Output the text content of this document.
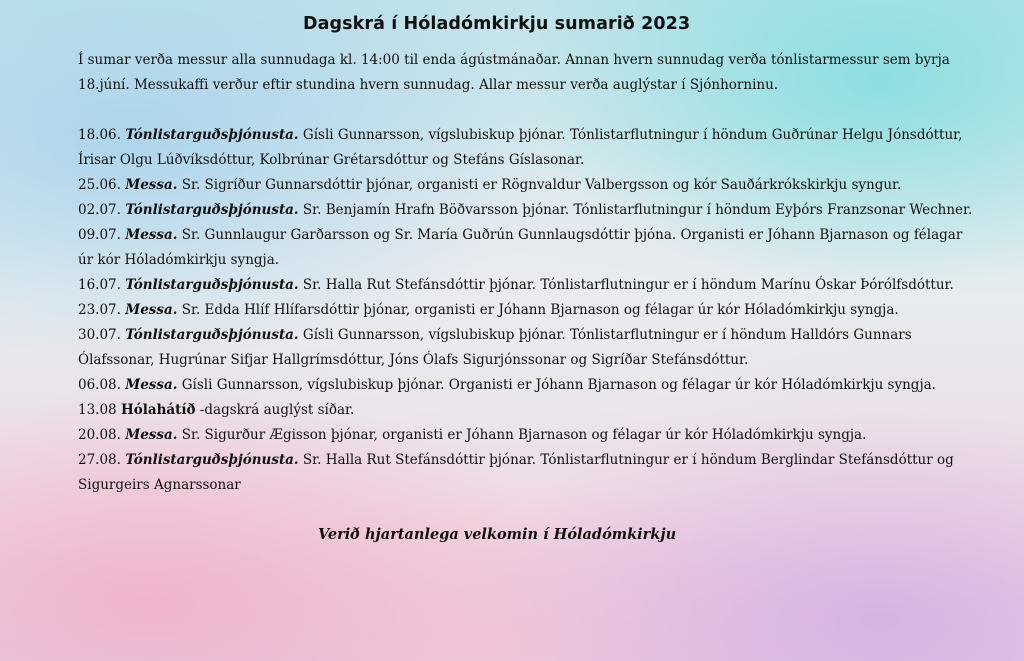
Dagskrá í Hóladómkirkju sumarið 2023
Í sumar verða messur alla sunnudaga kl. 14:00 til enda ágústmánaðar. Annan hvern sunnudag verða tónlistarmessur sem byrja 18.júní. Messukaffi verður eftir stundina hvern sunnudag. Allar messur verða auglýstar í Sjónhorninu.
18.06. Tónlistarguðsþjónusta. Gísli Gunnarsson, vígslubiskup þjónar. Tónlistarflutningur í höndum Guðrúnar Helgu Jónsdóttur, Írisar Olgu Lúðvíksdóttur, Kolbrúnar Grétarsdóttur og Stefáns Gíslasonar.
25.06. Messa. Sr. Sigríður Gunnarsdóttir þjónar, organisti er Rögnvaldur Valbergsson og kór Sauðárkrókskirkju syngur.
02.07. Tónlistarguðsþjónusta. Sr. Benjamín Hrafn Böðvarsson þjónar. Tónlistarflutningur í höndum Eyþórs Franzsonar Wechner.
09.07. Messa. Sr. Gunnlaugur Garðarsson og Sr. María Guðrún Gunnlaugsdóttir þjóna. Organisti er Jóhann Bjarnason og félagar úr kór Hóladómkirkju syngja.
16.07. Tónlistarguðsþjónusta. Sr. Halla Rut Stefánsdóttir þjónar. Tónlistarflutningur er í höndum Marínu Óskar Þórólfsdóttur.
23.07. Messa. Sr. Edda Hlíf Hlífarsdóttir þjónar, organisti er Jóhann Bjarnason og félagar úr kór Hóladómkirkju syngja.
30.07. Tónlistarguðsþjónusta. Gísli Gunnarsson, vígslubiskup þjónar. Tónlistarflutningur er í höndum Halldórs Gunnars Ólafssonar, Hugrúnar Sifjar Hallgrímsdóttur, Jóns Ólafs Sigurjónssonar og Sigríðar Stefánsdóttur.
06.08. Messa. Gísli Gunnarsson, vígslubiskup þjónar. Organisti er Jóhann Bjarnason og félagar úr kór Hóladómkirkju syngja.
13.08 Hólahátíð -dagskrá auglýst síðar.
20.08. Messa. Sr. Sigurður Ægisson þjónar, organisti er Jóhann Bjarnason og félagar úr kór Hóladómkirkju syngja.
27.08. Tónlistarguðsþjónusta. Sr. Halla Rut Stefánsdóttir þjónar. Tónlistarflutningur er í höndum Berglindar Stefánsdóttur og Sigurgeirs Agnarssonar
Verið hjartanlega velkomin í Hóladómkirkju
